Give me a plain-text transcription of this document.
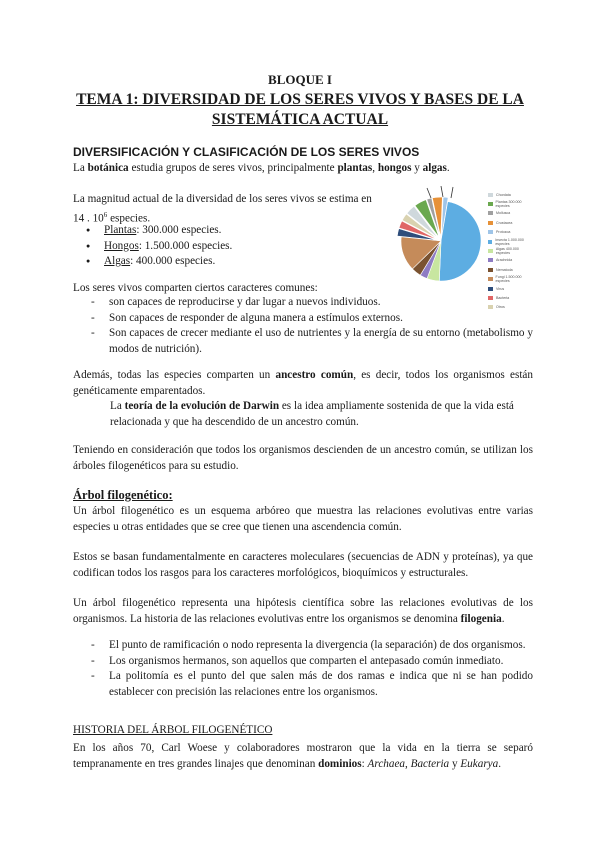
BLOQUE I
TEMA 1: DIVERSIDAD DE LOS SERES VIVOS Y BASES DE LA
SISTEMÁTICA ACTUAL
DIVERSIFICACIÓN Y CLASIFICACIÓN DE LOS SERES VIVOS
La botánica estudia grupos de seres vivos, principalmente plantas, hongos y algas.
La magnitud actual de la diversidad de los seres vivos se estima en
14 . $10^6$ especies.
● Plantas: 300.000 especies.
● Hongos: 1.500.000 especies.
● Algas: 400.000 especies.
Chordata
Plantas 300.000 especies
Mollusca
Crustacea
Protozoa
Insecta 1.000.000 especies
Algas 400.000 especies
Arachnida
Nematoda
Fungi 1.500.000 especies
Virus
Bacteria
Otros
Los seres vivos comparten ciertos caracteres comunes:
- son capaces de reproducirse y dar lugar a nuevos individuos.
- Son capaces de responder de alguna manera a estímulos externos.
- Son capaces de crecer mediante el uso de nutrientes y la energía de su entorno (metabolismo y modos de nutrición).
Además, todas las especies comparten un ancestro común, es decir, todos los organismos están genéticamente emparentados.
La teoría de la evolución de Darwin es la idea ampliamente sostenida de que la vida está relacionada y que ha descendido de un ancestro común.
Teniendo en consideración que todos los organismos descienden de un ancestro común, se utilizan los árboles filogenéticos para su estudio.
Árbol filogenético:
Un árbol filogenético es un esquema arbóreo que muestra las relaciones evolutivas entre varias especies u otras entidades que se cree que tienen una ascendencia común.
Estos se basan fundamentalmente en caracteres moleculares (secuencias de ADN y proteínas), ya que codifican todos los rasgos para los caracteres morfológicos, bioquímicos y estructurales.
Un árbol filogenético representa una hipótesis científica sobre las relaciones evolutivas de los organismos. La historia de las relaciones evolutivas entre los organismos se denomina filogenia.
- El punto de ramificación o nodo representa la divergencia (la separación) de dos organismos.
- Los organismos hermanos, son aquellos que comparten el antepasado común inmediato.
- La politomía es el punto del que salen más de dos ramas e indica que ni se han podido establecer con precisión las relaciones entre los organismos.
HISTORIA DEL ÁRBOL FILOGENÉTICO
En los años 70, Carl Woese y colaboradores mostraron que la vida en la tierra se separó tempranamente en tres grandes linajes que denominan dominios: Archaea, Bacteria y Eukarya.
